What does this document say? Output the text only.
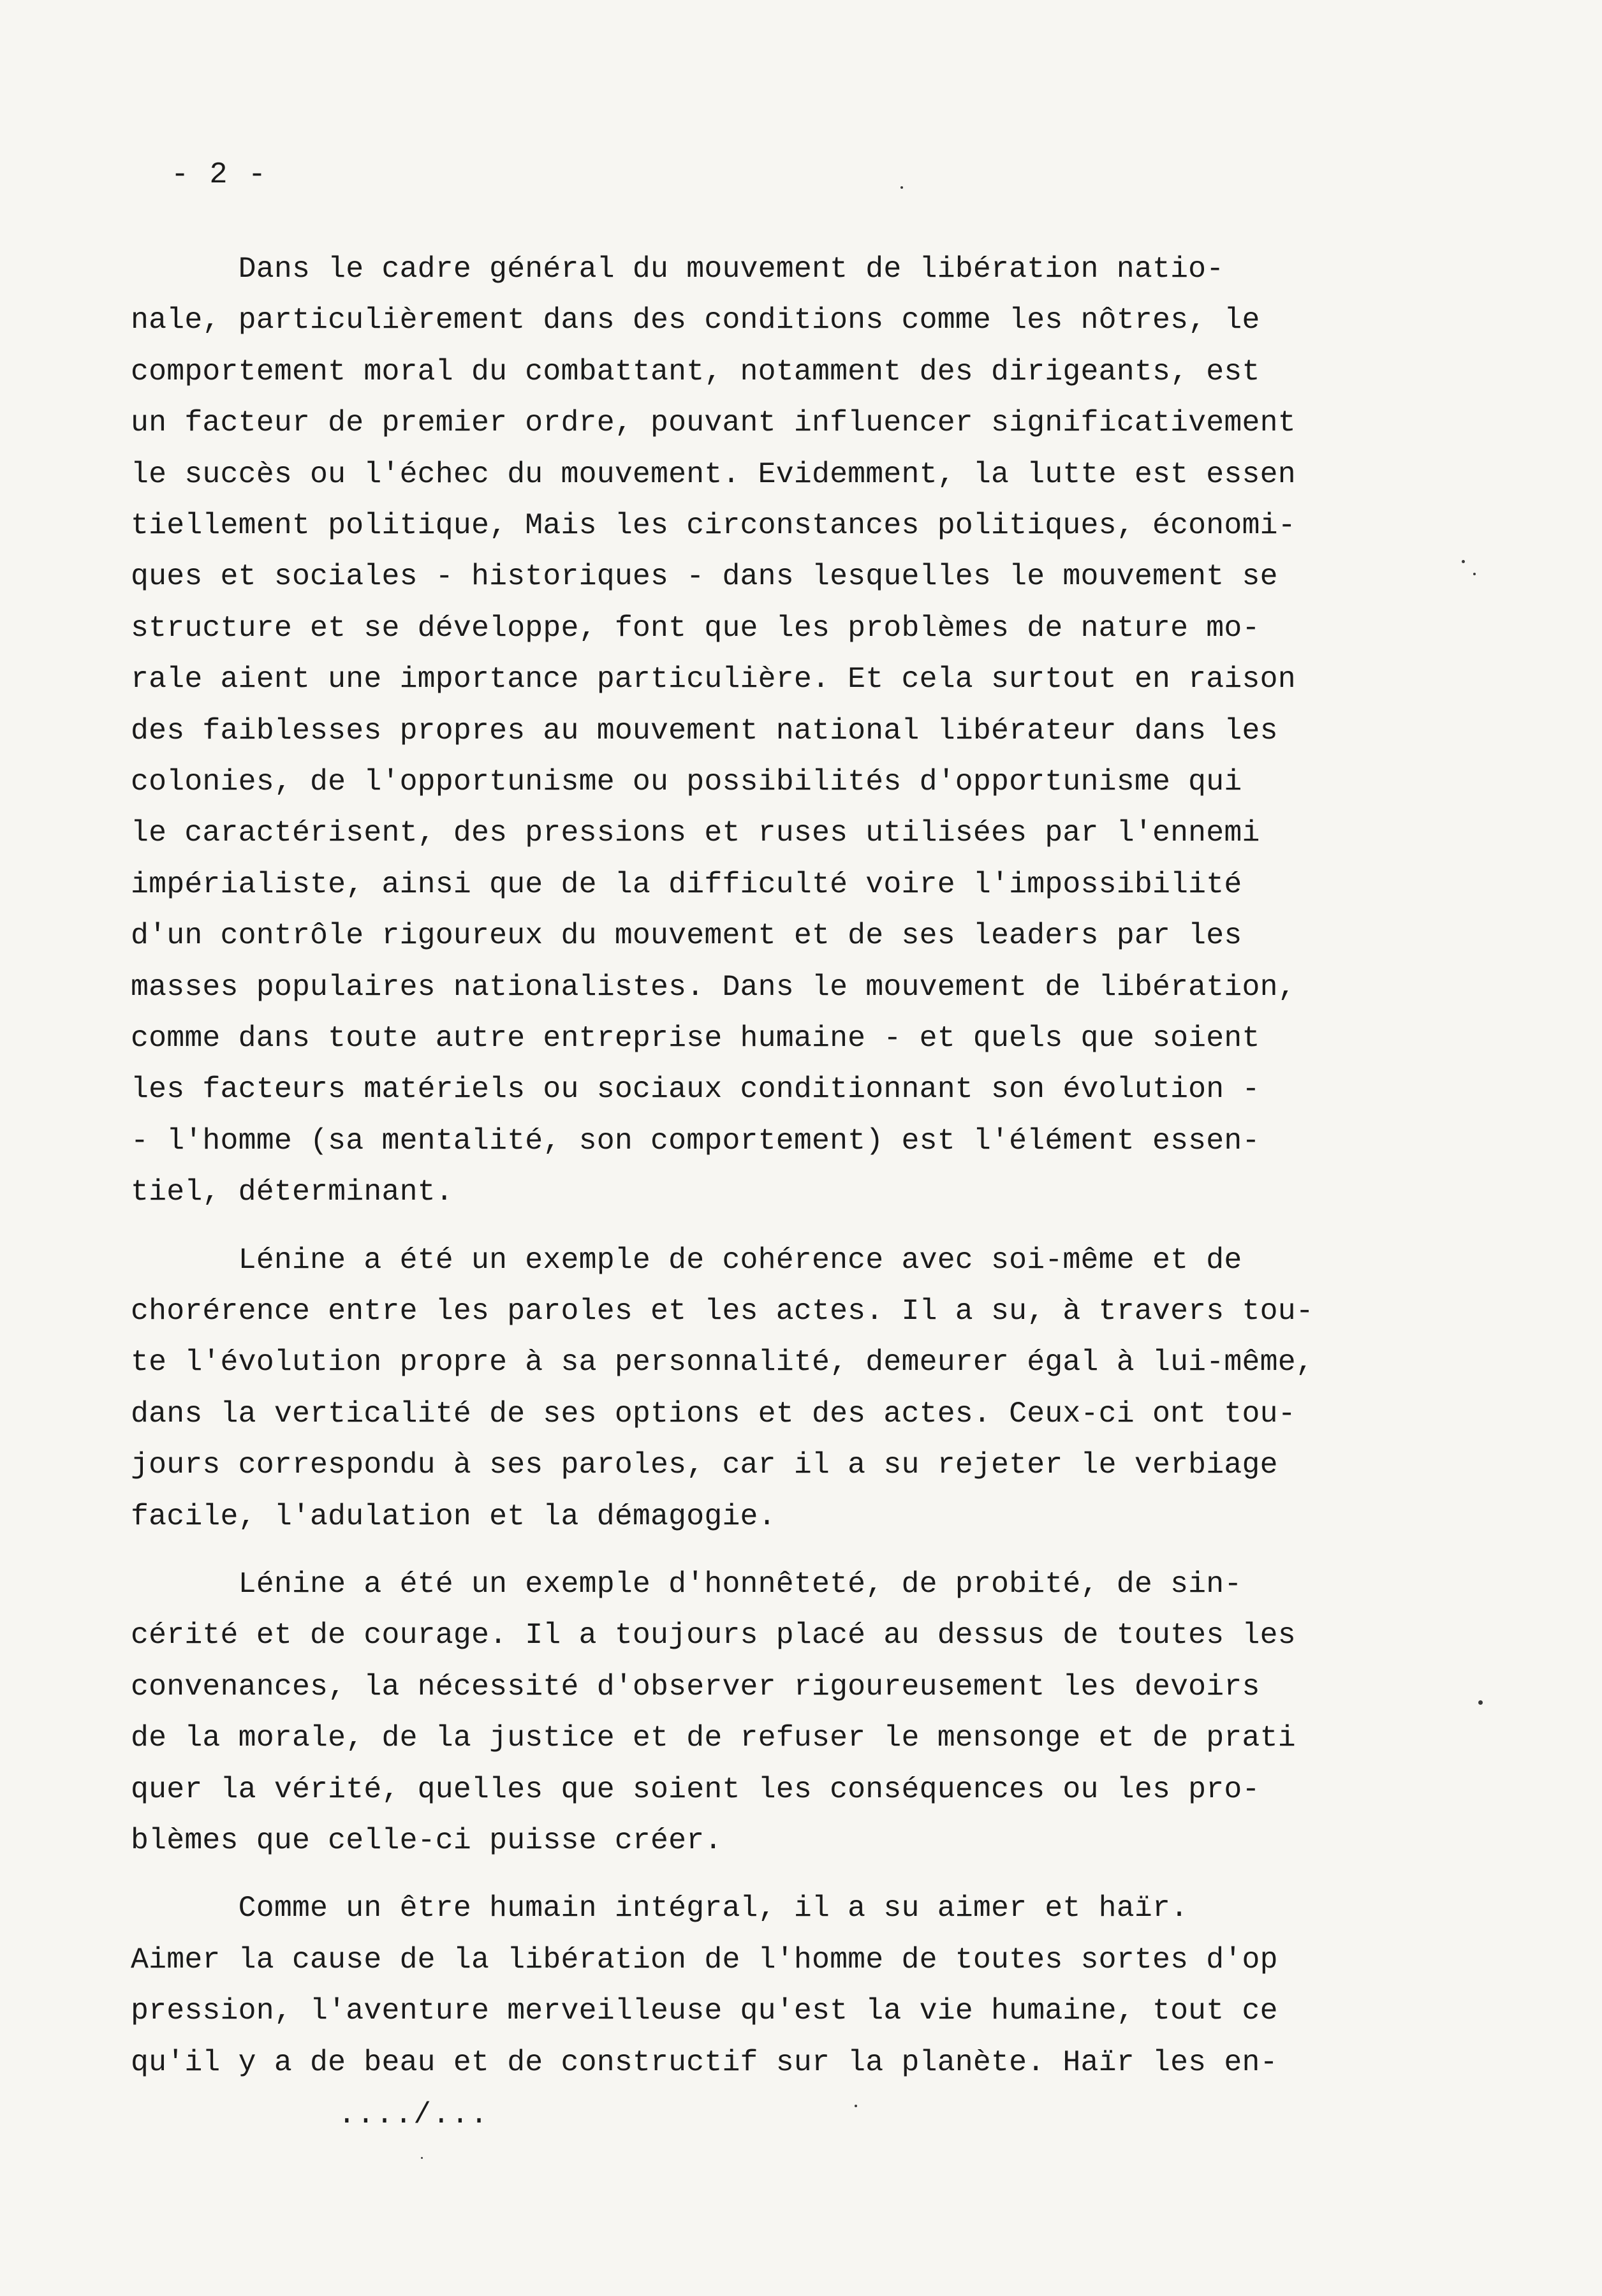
- 2 -
Dans le cadre général du mouvement de libération natio-
nale, particulièrement dans des conditions comme les nôtres, le
comportement moral du combattant, notamment des dirigeants, est
un facteur de premier ordre, pouvant influencer significativement
le succès ou l'échec du mouvement. Evidemment, la lutte est essen
tiellement politique, Mais les circonstances politiques, économi-
ques et sociales - historiques - dans lesquelles le mouvement se
structure et se développe, font que les problèmes de nature mo-
rale aient une importance particulière. Et cela surtout en raison
des faiblesses propres au mouvement national libérateur dans les
colonies, de l'opportunisme ou possibilités d'opportunisme qui
le caractérisent, des pressions et ruses utilisées par l'ennemi
impérialiste, ainsi que de la difficulté voire l'impossibilité
d'un contrôle rigoureux du mouvement et de ses leaders par les
masses populaires nationalistes. Dans le mouvement de libération,
comme dans toute autre entreprise humaine - et quels que soient
les facteurs matériels ou sociaux conditionnant son évolution -
- l'homme (sa mentalité, son comportement) est l'élément essen-
tiel, déterminant.
Lénine a été un exemple de cohérence avec soi-même et de
chorérence entre les paroles et les actes. Il a su, à travers tou-
te l'évolution propre à sa personnalité, demeurer égal à lui-même,
dans la verticalité de ses options et des actes. Ceux-ci ont tou-
jours correspondu à ses paroles, car il a su rejeter le verbiage
facile, l'adulation et la démagogie.
Lénine a été un exemple d'honnêteté, de probité, de sin-
cérité et de courage. Il a toujours placé au dessus de toutes les
convenances, la nécessité d'observer rigoureusement les devoirs
de la morale, de la justice et de refuser le mensonge et de prati
quer la vérité, quelles que soient les conséquences ou les pro-
blèmes que celle-ci puisse créer.
Comme un être humain intégral, il a su aimer et haïr.
Aimer la cause de la libération de l'homme de toutes sortes d'op
pression, l'aventure merveilleuse qu'est la vie humaine, tout ce
qu'il y a de beau et de constructif sur la planète. Haïr les en-
..../...
